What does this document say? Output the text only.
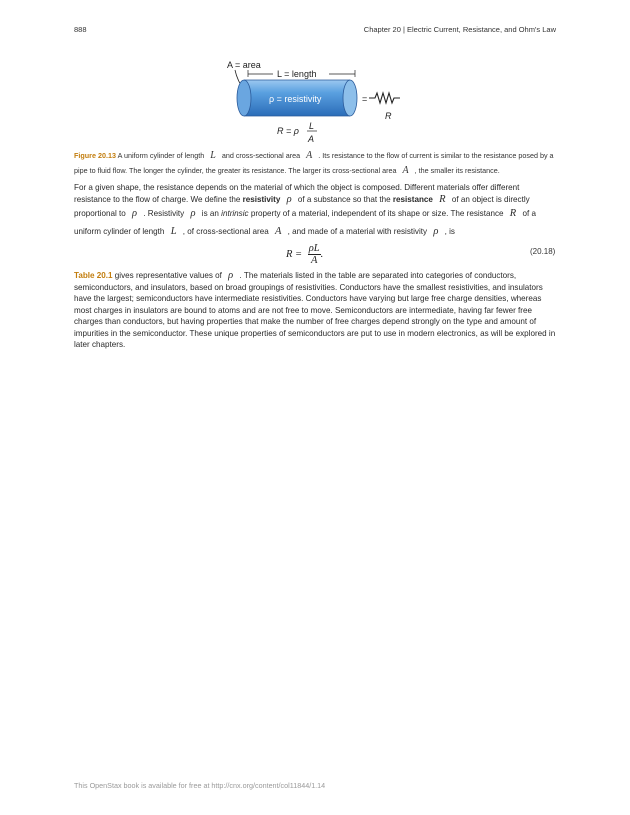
888	Chapter 20 | Electric Current, Resistance, and Ohm's Law
A = area
L = length
ρ = resistivity	=
R
R = ρ L
A
Figure 20.13 A uniform cylinder of length L and cross-sectional area A . Its resistance to the flow of current is similar to the resistance posed by a pipe to fluid flow. The longer the cylinder, the greater its resistance. The larger its cross-sectional area A , the smaller its resistance.
For a given shape, the resistance depends on the material of which the object is composed. Different materials offer different resistance to the flow of charge. We define the resistivity ρ of a substance so that the resistance R of an object is directly proportional to ρ . Resistivity ρ is an intrinsic property of a material, independent of its shape or size. The resistance R of a uniform cylinder of length L , of cross-sectional area A , and made of a material with resistivity ρ , is
$R = \frac{\rho L}{A}$ .	(20.18)
Table 20.1 gives representative values of ρ . The materials listed in the table are separated into categories of conductors, semiconductors, and insulators, based on broad groupings of resistivities. Conductors have the smallest resistivities, and insulators have the largest; semiconductors have intermediate resistivities. Conductors have varying but large free charge densities, whereas most charges in insulators are bound to atoms and are not free to move. Semiconductors are intermediate, having far fewer free charges than conductors, but having properties that make the number of free charges depend strongly on the type and amount of impurities in the semiconductor. These unique properties of semiconductors are put to use in modern electronics, as will be explored in later chapters.
This OpenStax book is available for free at http://cnx.org/content/col11844/1.14
